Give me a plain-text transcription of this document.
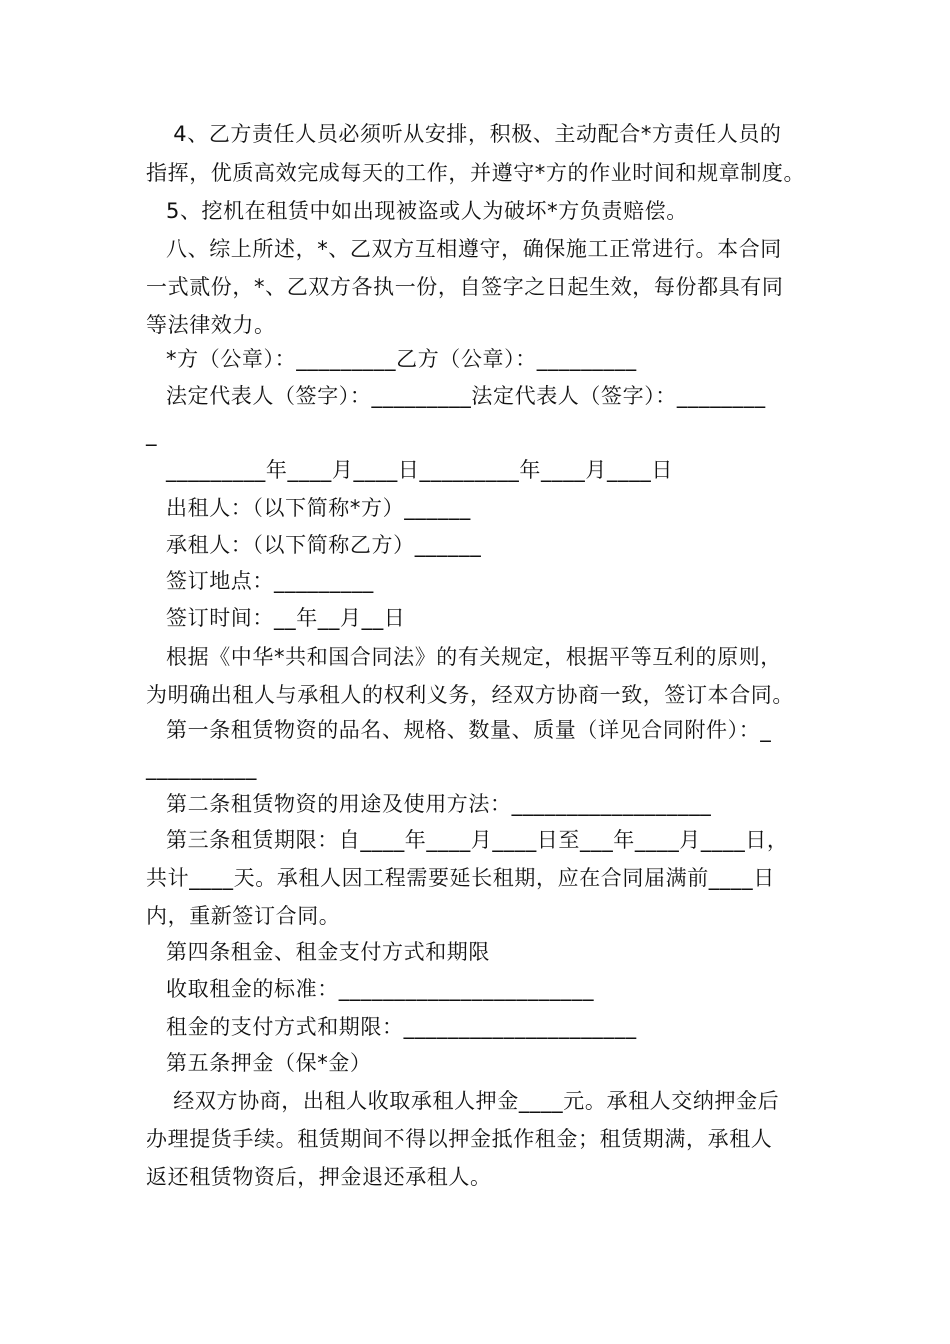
4、乙方责任人员必须听从安排，积极、主动配合*方责任人员的
指挥，优质高效完成每天的工作，并遵守*方的作业时间和规章制度。
5、挖机在租赁中如出现被盗或人为破坏*方负责赔偿。
八、综上所述，*、乙双方互相遵守，确保施工正常进行。本合同
一式贰份，*、乙双方各执一份，自签字之日起生效，每份都具有同
等法律效力。
*方（公章）：_________乙方（公章）：_________
法定代表人（签字）：_________法定代表人（签字）：________
_
_________年____月____日_________年____月____日
出租人：（以下简称*方）______
承租人：（以下简称乙方）______
签订地点：_________
签订时间：__年__月__日
根据《中华*共和国合同法》的有关规定，根据平等互利的原则，
为明确出租人与承租人的权利义务，经双方协商一致，签订本合同。
第一条租赁物资的品名、规格、数量、质量（详见合同附件）：_
__________
第二条租赁物资的用途及使用方法：__________________
第三条租赁期限：自____年____月____日至___年____月____日，
共计____天。承租人因工程需要延长租期，应在合同届满前____日
内，重新签订合同。
第四条租金、租金支付方式和期限
收取租金的标准：_______________________
租金的支付方式和期限：_____________________
第五条押金（保*金）
经双方协商，出租人收取承租人押金____元。承租人交纳押金后
办理提货手续。租赁期间不得以押金抵作租金；租赁期满，承租人
返还租赁物资后，押金退还承租人。
